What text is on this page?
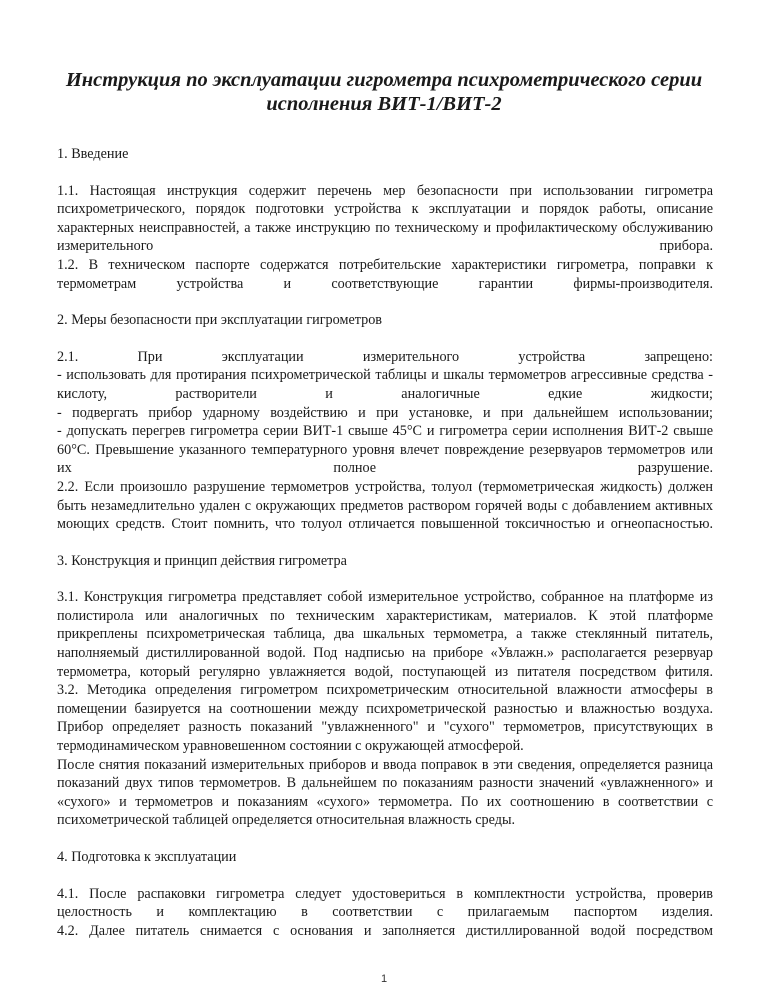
Инструкция по эксплуатации гигрометра психрометрического серии
исполнения ВИТ-1/ВИТ-2
1. Введение

1.1. Настоящая инструкция содержит перечень мер безопасности при использовании гигрометра психрометрического, порядок подготовки устройства к эксплуатации и порядок работы, описание характерных неисправностей, а также инструкцию по техническому и профилактическому обслуживанию измерительного прибора.

1.2. В техническом паспорте содержатся потребительские характеристики гигрометра, поправки к термометрам устройства и соответствующие гарантии фирмы-производителя.

2. Меры безопасности при эксплуатации гигрометров

2.1. При эксплуатации измерительного устройства запрещено:

- использовать для протирания психрометрической таблицы и шкалы термометров агрессивные средства - кислоту, растворители и аналогичные едкие жидкости;

- подвергать прибор ударному воздействию и при установке, и при дальнейшем использовании;

- допускать перегрев гигрометра серии ВИТ-1 свыше 45°С и гигрометра серии исполнения ВИТ-2 свыше 60°С. Превышение указанного температурного уровня влечет повреждение резервуаров термометров или их полное разрушение.

2.2. Если произошло разрушение термометров устройства, толуол (термометрическая жидкость) должен быть незамедлительно удален с окружающих предметов раствором горячей воды с добавлением активных моющих средств. Стоит помнить, что толуол отличается повышенной токсичностью и огнеопасностью.

3. Конструкция и принцип действия гигрометра

3.1. Конструкция гигрометра представляет собой измерительное устройство, собранное на платформе из полистирола или аналогичных по техническим характеристикам, материалов. К этой платформе прикреплены психрометрическая таблица, два шкальных термометра, а также стеклянный питатель, наполняемый дистиллированной водой. Под надписью на приборе «Увлажн.» располагается резервуар термометра, который регулярно увлажняется водой, поступающей из питателя посредством фитиля.

3.2. Методика определения гигрометром психрометрическим относительной влажности атмосферы в помещении базируется на соотношении между психрометрической разностью и влажностью воздуха. Прибор определяет разность показаний "увлажненного" и "сухого" термометров, присутствующих в термодинамическом уравновешенном состоянии с окружающей атмосферой.

После снятия показаний измерительных приборов и ввода поправок в эти сведения, определяется разница показаний двух типов термометров. В дальнейшем по показаниям разности значений «увлажненного» и «сухого» и термометров и показаниям «сухого» термометра. По их соотношению в соответствии с психометрической таблицей определяется относительная влажность среды.

4. Подготовка к эксплуатации

4.1. После распаковки гигрометра следует удостовериться в комплектности устройства, проверив целостность и комплектацию в соответствии с прилагаемым паспортом изделия.

4.2. Далее питатель снимается с основания и заполняется дистиллированной водой посредством

1
